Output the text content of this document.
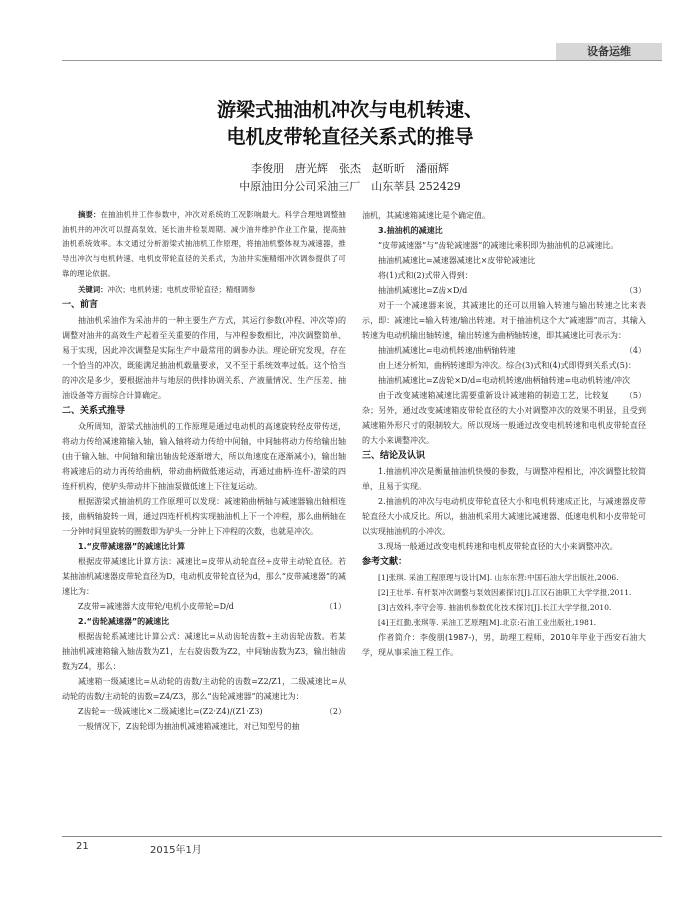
设备运维
游梁式抽油机冲次与电机转速、
电机皮带轮直径关系式的推导
李俊朋　唐光辉　张杰　赵昕昕　潘丽辉
中原油田分公司采油三厂　山东莘县 252429

摘要：在抽油机井工作参数中，冲次对系统的工况影响最大。科学合理地调整抽油机井的冲次可以提高泵效、延长油井检泵周期、减少油井维护作业工作量，提高抽油机系统效率。本文通过分析游梁式抽油机工作原理，将抽油机整体视为减速器，推导出冲次与电机转速、电机皮带轮直径的关系式，为油井实施精细冲次调参提供了可靠的理论依据。

关键词：冲次；电机转速；电机皮带轮直径；精细调参

一、前言

抽油机采油作为采油井的一种主要生产方式，其运行参数(冲程、冲次等)的调整对油井的高效生产起着至关重要的作用，与冲程参数相比，冲次调整简单、易于实现，因此冲次调整是实际生产中最常用的调参办法。理论研究发现，存在一个恰当的冲次，既能满足抽油机载量要求，又不至于系统效率过低。这个恰当的冲次是多少，要根据油井与地层的供排协调关系、产液量情况、生产压差、抽油设备等方面综合计算确定。

二、关系式推导

众所周知，游梁式抽油机的工作原理是通过电动机的高速旋转经皮带传送，将动力传给减速箱输入轴，输入轴将动力传给中间轴，中间轴将动力传给输出轴(由于输入轴、中间轴和输出轴齿轮逐渐增大，所以角速度在逐渐减小)，输出轴将减速后的动力再传给曲柄，带动曲柄做低速运动，再通过曲柄-连杆-游梁的四连杆机构，使驴头带动井下抽油泵做低速上下往复运动。

根据游梁式抽油机的工作原理可以发现：减速箱曲柄轴与减速器输出轴相连接，曲柄轴旋转一周，通过四连杆机构实现抽油机上下一个冲程，那么曲柄轴在一分钟时间里旋转的圈数即为驴头一分钟上下冲程的次数，也就是冲次。

1.“皮带减速器”的减速比计算

根据皮带减速比计算方法：减速比=皮带从动轮直径÷皮带主动轮直径。若某抽油机减速器皮带轮直径为D，电动机皮带轮直径为d，那么“皮带减速器”的减速比为：

Z皮带=减速器大皮带轮/电机小皮带轮=D/d	（1）
2.“齿轮减速器”的减速比

根据齿轮系减速比计算公式：减速比=从动齿轮齿数÷主动齿轮齿数。若某抽油机减速箱输入轴齿数为Z1，左右旋齿数为Z2，中间轴齿数为Z3，输出轴齿数为Z4，那么：

减速箱一级减速比=从动轮的齿数/主动轮的齿数=Z2/Z1，二级减速比=从动轮的齿数/主动轮的齿数=Z4/Z3，那么“齿轮减速器”的减速比为：

Z齿轮=一级减速比×二级减速比=(Z2·Z4)/(Z1·Z3)	（2）

一般情况下，Z齿轮即为抽油机减速箱减速比，对已知型号的抽

油机，其减速箱减速比是个确定值。

3.抽油机的减速比

“皮带减速器”与“齿轮减速器”的减速比乘积即为抽油机的总减速比。

抽油机减速比=减速器减速比×皮带轮减速比

将(1)式和(2)式带入得到：

抽油机减速比=Z齿×D/d	（3）

对于一个减速器来说，其减速比的还可以用输入转速与输出转速之比来表示，即：减速比=输入转速/输出转速。对于抽油机这个大“减速器”而言，其输入转速为电动机输出轴转速，输出转速为曲柄轴转速，即其减速比可表示为：

抽油机减速比=电动机转速/曲柄轴转速	（4）

由上述分析知，曲柄转速即为冲次。综合(3)式和(4)式即得到关系式(5)：

抽油机减速比=Z齿轮×D/d=电动机转速/曲柄轴转速=电动机转速/冲次
（5）

由于改变减速箱减速比需要重新设计减速箱的制造工艺，比较复杂；另外，通过改变减速箱皮带轮直径的大小对调整冲次的效果不明显，且受到减速箱外形尺寸的限制较大。所以现场一般通过改变电机转速和电机皮带轮直径的大小来调整冲次。

三、结论及认识

1.抽油机冲次是衡量抽油机快慢的参数，与调整冲程相比，冲次调整比较简单，且易于实现。

2.抽油机的冲次与电动机皮带轮直径大小和电机转速成正比，与减速器皮带轮直径大小成反比。所以，抽油机采用大减速比减速器、低速电机和小皮带轮可以实现抽油机的小冲次。

3.现场一般通过改变电机转速和电机皮带轮直径的大小来调整冲次。

参考文献：

[1]张琪. 采油工程原理与设计[M]. 山东东营:中国石油大学出版社,2006.

[2]王壮举. 有杆泵冲次调整与泵效因素探讨[J].江汉石油职工大学学报,2011.

[3]古效科,李守会等. 抽油机参数优化技术探讨[J].长江大学学报,2010.

[4]王红勤,张琪等. 采油工艺原理[M].北京:石油工业出版社,1981.

作者简介：李俊朋(1987-)，男，助理工程师，2010年毕业于西安石油大学，现从事采油工程工作。

21	2015年1月
